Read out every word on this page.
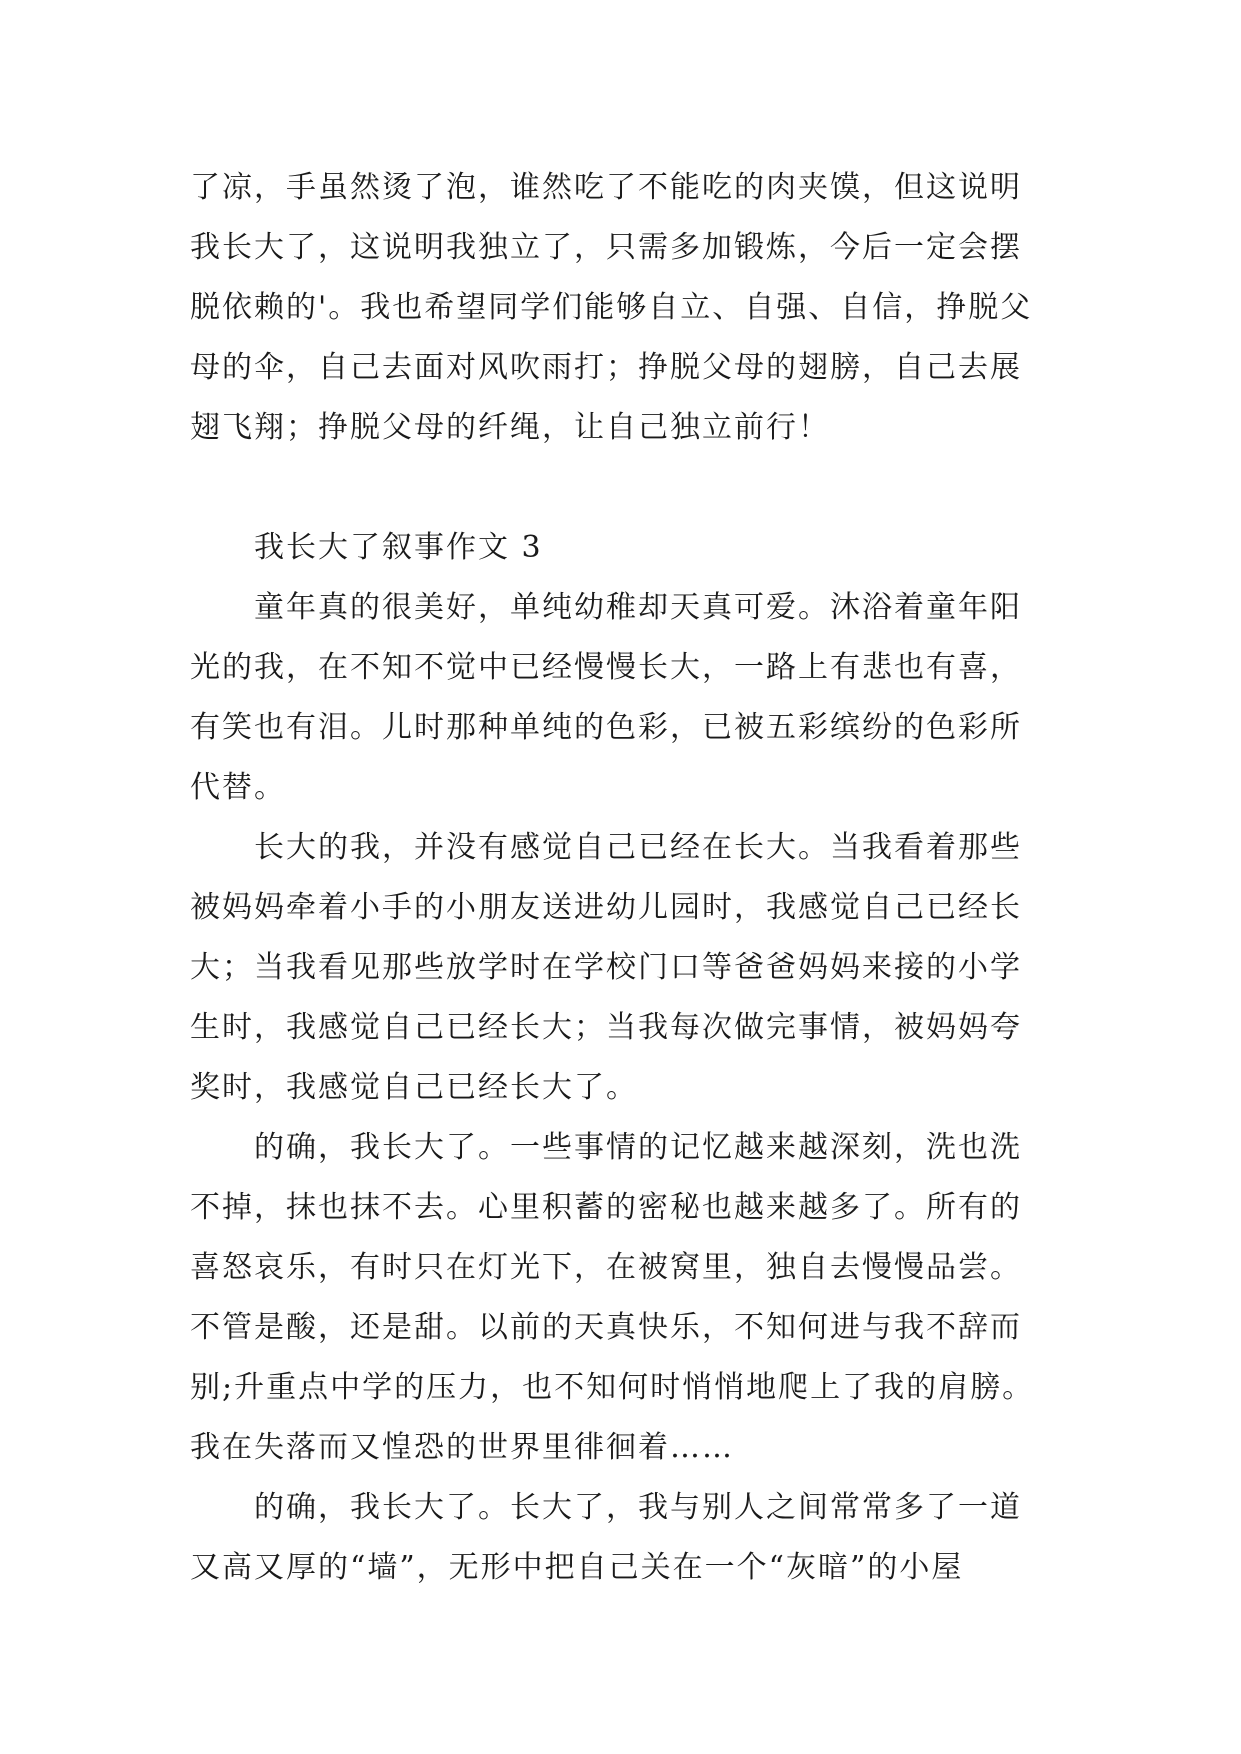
了凉，手虽然烫了泡，谁然吃了不能吃的肉夹馍，但这说明我长大了，这说明我独立了，只需多加锻炼，今后一定会摆脱依赖的'。我也希望同学们能够自立、自强、自信，挣脱父母的伞，自己去面对风吹雨打；挣脱父母的翅膀，自己去展翅飞翔；挣脱父母的纤绳，让自己独立前行！

我长大了叙事作文 3

童年真的很美好，单纯幼稚却天真可爱。沐浴着童年阳光的我，在不知不觉中已经慢慢长大，一路上有悲也有喜，有笑也有泪。儿时那种单纯的色彩，已被五彩缤纷的色彩所代替。

长大的我，并没有感觉自己已经在长大。当我看着那些被妈妈牵着小手的小朋友送进幼儿园时，我感觉自己已经长大；当我看见那些放学时在学校门口等爸爸妈妈来接的小学生时，我感觉自己已经长大；当我每次做完事情，被妈妈夸奖时，我感觉自己已经长大了。

的确，我长大了。一些事情的记忆越来越深刻，洗也洗不掉，抹也抹不去。心里积蓄的密秘也越来越多了。所有的喜怒哀乐，有时只在灯光下，在被窝里，独自去慢慢品尝。不管是酸，还是甜。以前的天真快乐，不知何进与我不辞而别;升重点中学的压力，也不知何时悄悄地爬上了我的肩膀。我在失落而又惶恐的世界里徘徊着……

的确，我长大了。长大了，我与别人之间常常多了一道又高又厚的“墙”，无形中把自己关在一个“灰暗”的小屋
